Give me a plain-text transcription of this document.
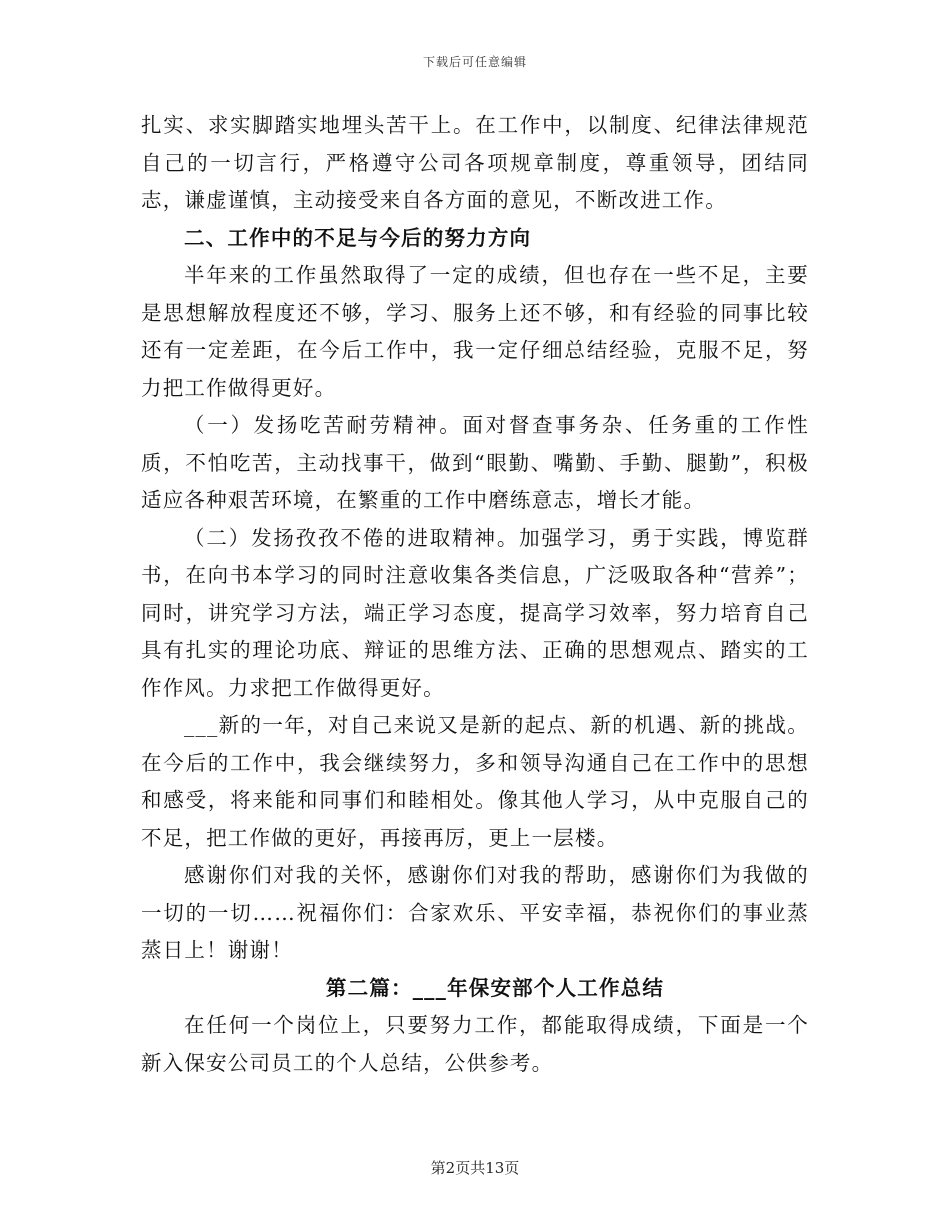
下载后可任意编辑

扎实、求实脚踏实地埋头苦干上。在工作中，以制度、纪律法律规范自己的一切言行，严格遵守公司各项规章制度，尊重领导，团结同志，谦虚谨慎，主动接受来自各方面的意见，不断改进工作。

二、工作中的不足与今后的努力方向

半年来的工作虽然取得了一定的成绩，但也存在一些不足，主要是思想解放程度还不够，学习、服务上还不够，和有经验的同事比较还有一定差距，在今后工作中，我一定仔细总结经验，克服不足，努力把工作做得更好。

（一）发扬吃苦耐劳精神。面对督查事务杂、任务重的工作性质，不怕吃苦，主动找事干，做到“眼勤、嘴勤、手勤、腿勤”，积极适应各种艰苦环境，在繁重的工作中磨练意志，增长才能。

（二）发扬孜孜不倦的进取精神。加强学习，勇于实践，博览群书，在向书本学习的同时注意收集各类信息，广泛吸取各种“营养”；同时，讲究学习方法，端正学习态度，提高学习效率，努力培育自己具有扎实的理论功底、辩证的思维方法、正确的思想观点、踏实的工作作风。力求把工作做得更好。

___新的一年，对自己来说又是新的起点、新的机遇、新的挑战。在今后的工作中，我会继续努力，多和领导沟通自己在工作中的思想和感受，将来能和同事们和睦相处。像其他人学习，从中克服自己的不足，把工作做的更好，再接再厉，更上一层楼。

感谢你们对我的关怀，感谢你们对我的帮助，感谢你们为我做的一切的一切……祝福你们：合家欢乐、平安幸福，恭祝你们的事业蒸蒸日上！谢谢！

第二篇：___年保安部个人工作总结

在任何一个岗位上，只要努力工作，都能取得成绩，下面是一个新入保安公司员工的个人总结，公供参考。

第2页共13页
